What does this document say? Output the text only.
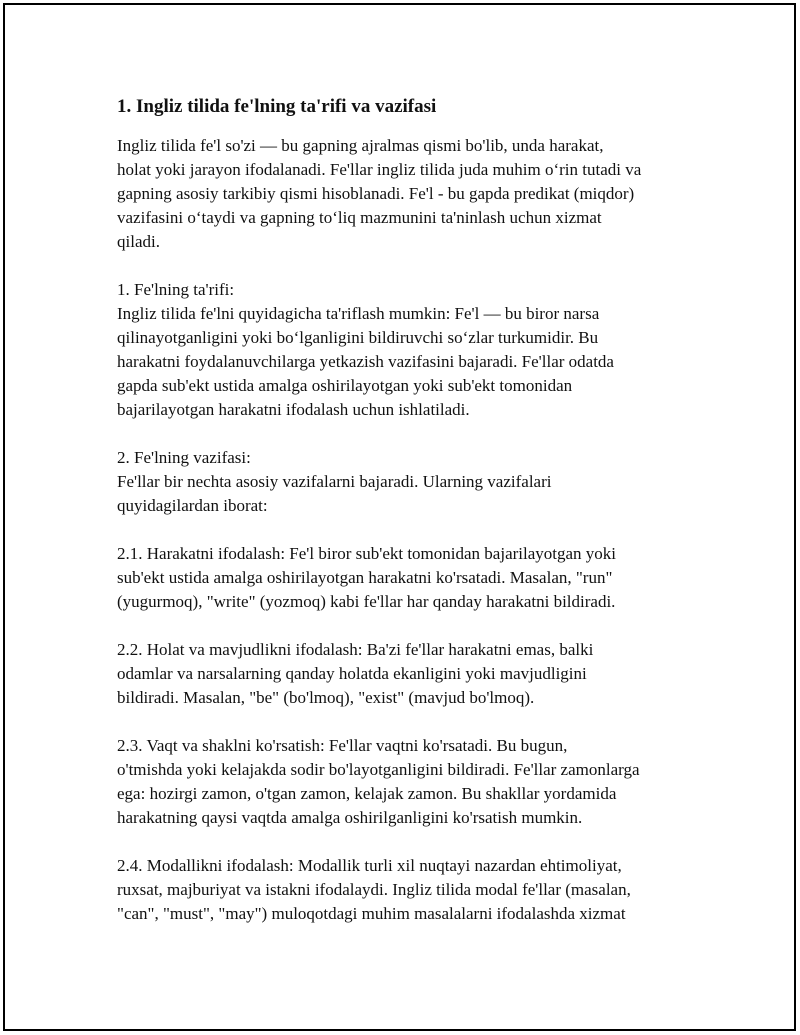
1. Ingliz tilida fe'lning ta'rifi va vazifasi

Ingliz tilida fe'l so'zi — bu gapning ajralmas qismi bo'lib, unda harakat,
holat yoki jarayon ifodalanadi. Fe'llar ingliz tilida juda muhim o‘rin tutadi va
gapning asosiy tarkibiy qismi hisoblanadi. Fe'l - bu gapda predikat (miqdor)
vazifasini o‘taydi va gapning to‘liq mazmunini ta'ninlash uchun xizmat
qiladi.

1. Fe'lning ta'rifi:
Ingliz tilida fe'lni quyidagicha ta'riflash mumkin: Fe'l — bu biror narsa
qilinayotganligini yoki bo‘lganligini bildiruvchi so‘zlar turkumidir. Bu
harakatni foydalanuvchilarga yetkazish vazifasini bajaradi. Fe'llar odatda
gapda sub'ekt ustida amalga oshirilayotgan yoki sub'ekt tomonidan
bajarilayotgan harakatni ifodalash uchun ishlatiladi.

2. Fe'lning vazifasi:
Fe'llar bir nechta asosiy vazifalarni bajaradi. Ularning vazifalari
quyidagilardan iborat:

2.1. Harakatni ifodalash: Fe'l biror sub'ekt tomonidan bajarilayotgan yoki
sub'ekt ustida amalga oshirilayotgan harakatni ko'rsatadi. Masalan, "run"
(yugurmoq), "write" (yozmoq) kabi fe'llar har qanday harakatni bildiradi.

2.2. Holat va mavjudlikni ifodalash: Ba'zi fe'llar harakatni emas, balki
odamlar va narsalarning qanday holatda ekanligini yoki mavjudligini
bildiradi. Masalan, "be" (bo'lmoq), "exist" (mavjud bo'lmoq).

2.3. Vaqt va shaklni ko'rsatish: Fe'llar vaqtni ko'rsatadi. Bu bugun,
o'tmishda yoki kelajakda sodir bo'layotganligini bildiradi. Fe'llar zamonlarga
ega: hozirgi zamon, o'tgan zamon, kelajak zamon. Bu shakllar yordamida
harakatning qaysi vaqtda amalga oshirilganligini ko'rsatish mumkin.

2.4. Modallikni ifodalash: Modallik turli xil nuqtayi nazardan ehtimoliyat,
ruxsat, majburiyat va istakni ifodalaydi. Ingliz tilida modal fe'llar (masalan,
"can", "must", "may") muloqotdagi muhim masalalarni ifodalashda xizmat
